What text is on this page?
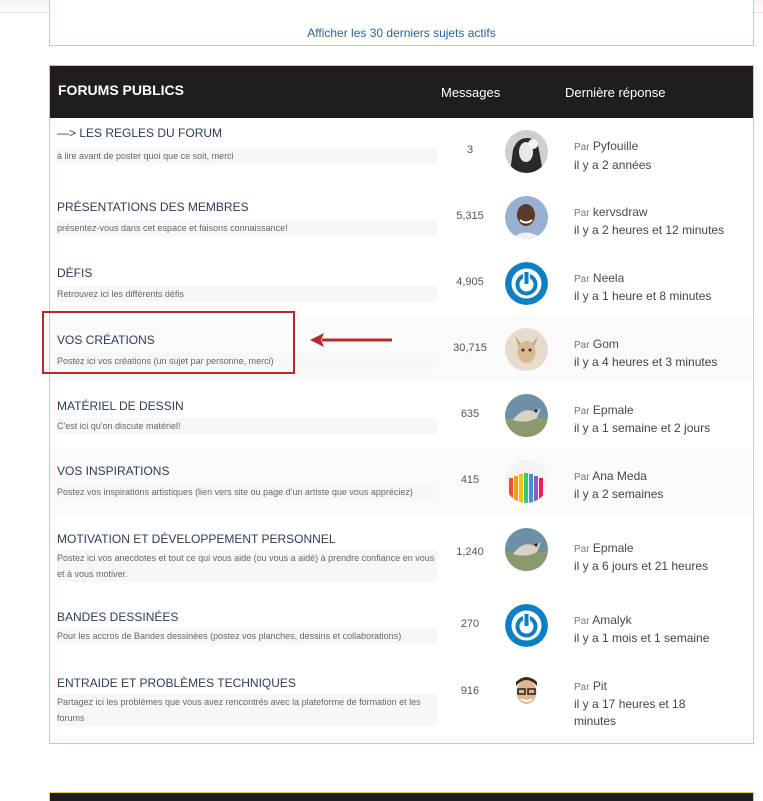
Afficher les 30 derniers sujets actifs
FORUMS PUBLICS	Messages	Dernière réponse
—> LES REGLES DU FORUM
à lire avant de poster quoi que ce soit, merci	3	Par Pyfouille
il y a 2 années
PRÉSENTATIONS DES MEMBRES
présentez-vous dans cet espace et faisons connaissance!
5,315	Par kervsdraw
il y a 2 heures et 12 minutes
DÉFIS
Retrouvez ici les différents défis
4,905	Par Neela
il y a 1 heure et 8 minutes
VOS CRÉATIONS
Postez ici vos créations (un sujet par personne, merci)
30,715	Par Gom
il y a 4 heures et 3 minutes
MATÉRIEL DE DESSIN
C'est ici qu'on discute matériel!
635	Par Epmale
il y a 1 semaine et 2 jours
VOS INSPIRATIONS
Postez vos inspirations artistiques (lien vers site ou page d'un artiste que vous appréciez)
415	Par Ana Meda
il y a 2 semaines
MOTIVATION ET DÉVELOPPEMENT PERSONNEL
Postez ici vos anecdotes et tout ce qui vous aide (ou vous a aidé) à prendre confiance en vous et à vous motiver.
1,240	Par Epmale
il y a 6 jours et 21 heures
BANDES DESSINÉES
Pour les accros de Bandes dessinées (postez vos planches, dessins et collaborations)
270	Par Amalyk
il y a 1 mois et 1 semaine
ENTRAIDE ET PROBLÈMES TECHNIQUES
Partagez ici les problèmes que vous avez rencontrés avec la plateforme de formation et les forums
916	Par Pit
il y a 17 heures et 18 minutes
